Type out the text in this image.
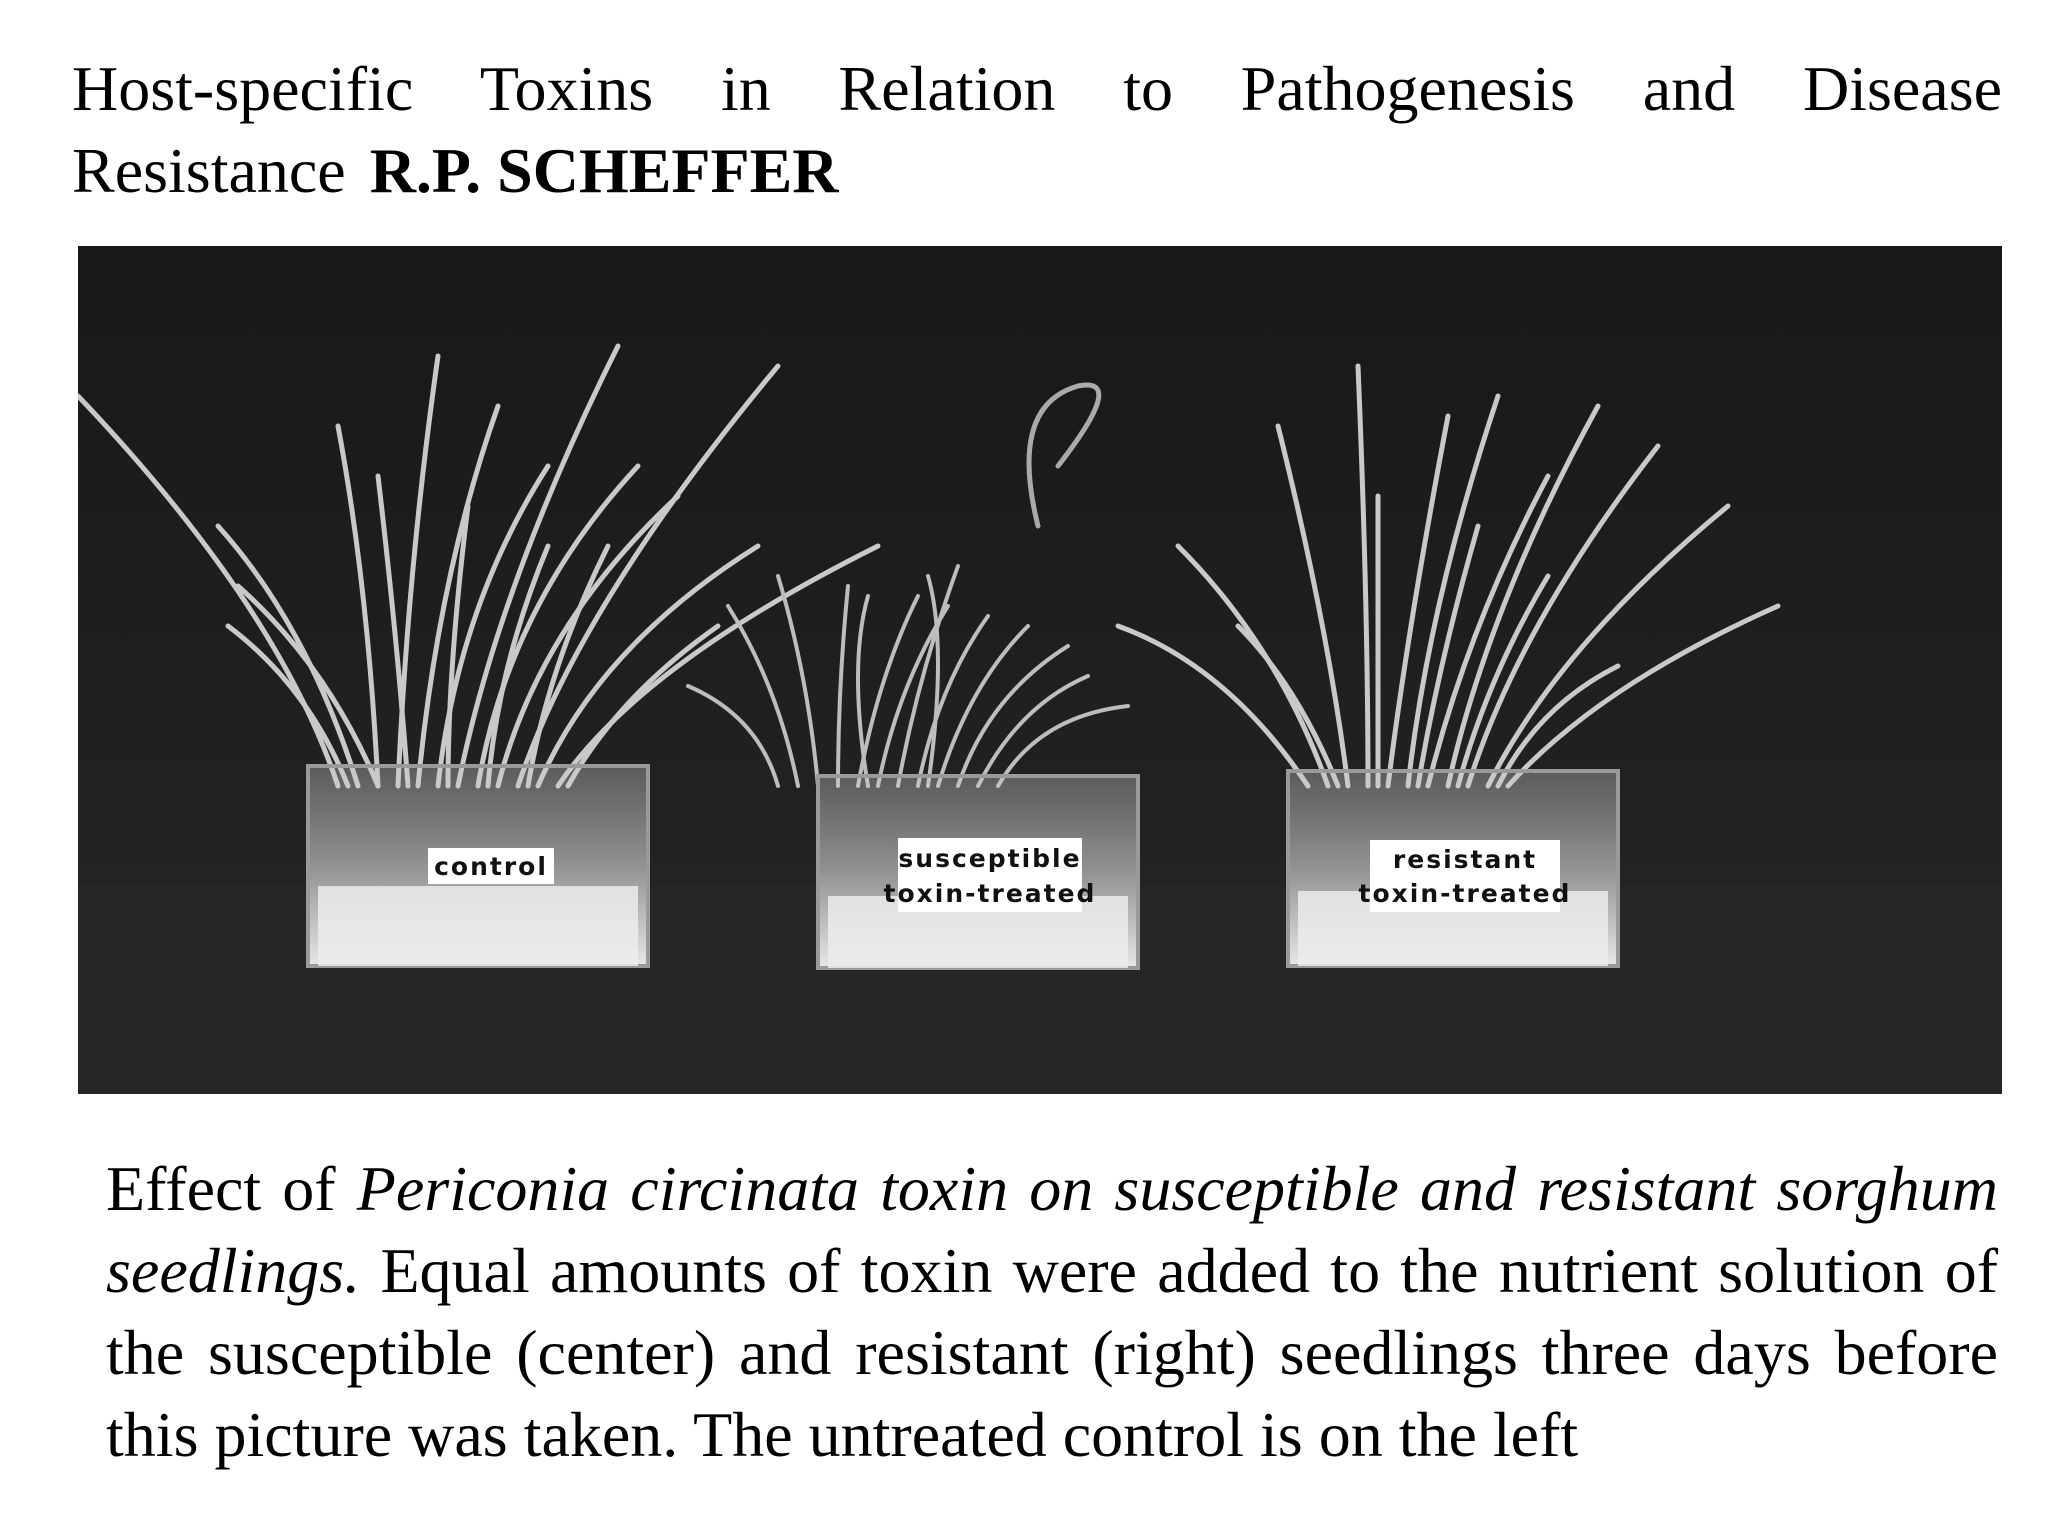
Host-specific Toxins in Relation to Pathogenesis and Disease Resistance R.P. SCHEFFER
control	susceptible
toxin-treated
resistant
toxin-treated

Effect of Periconia circinata toxin on susceptible and resistant sorghum seedlings. Equal amounts of toxin were added to the nutrient solution of the susceptible (center) and resistant (right) seedlings three days before this picture was taken. The untreated control is on the left
